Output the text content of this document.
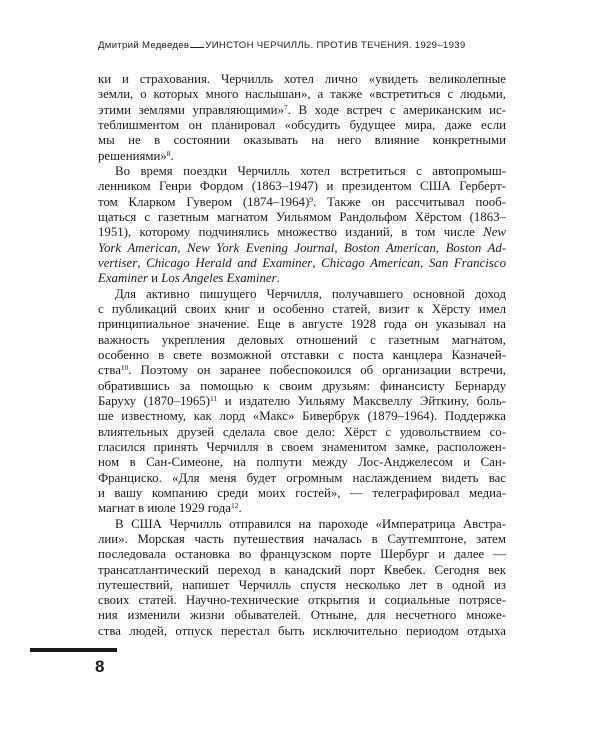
Дмитрий Медведев УИНСТОН ЧЕРЧИЛЛЬ. ПРОТИВ ТЕЧЕНИЯ. 1929–1939

ки и страхования. Черчилль хотел лично «увидеть великолепные
земли, о которых много наслышан», а также «встретиться с людьми,
этими землями управляющими»$^7$. В ходе встреч с американским ис-
теблишментом он планировал «обсудить будущее мира, даже если
мы не в состоянии оказывать на него влияние конкретными
решениями»$^8$.

Во время поездки Черчилль хотел встретиться с автопромыш-
ленником Генри Фордом (1863–1947) и президентом США Герберт-
том Кларком Гувером (1874–1964)$^9$. Также он рассчитывал пооб-
щаться с газетным магнатом Уильямом Рандольфом Хёрстом (1863–
1951), которому подчинялись множество изданий, в том числе New
York American, New York Evening Journal, Boston American, Boston Ad-
vertiser, Chicago Herald and Examiner, Chicago American, San Francisco
Examiner и Los Angeles Examiner.

Для активно пишущего Черчилля, получавшего основной доход
с публикаций своих книг и особенно статей, визит к Хёрсту имел
принципиальное значение. Еще в августе 1928 года он указывал на
важность укрепления деловых отношений с газетным магнатом,
особенно в свете возможной отставки с поста канцлера Казначей-
ства$^{10}$. Поэтому он заранее побеспокоился об организации встречи,
обратившись за помощью к своим друзьям: финансисту Бернарду
Баруху (1870–1965)$^{11}$ и издателю Уильяму Максвеллу Эйткину, боль-
ше известному, как лорд «Макс» Бивербрук (1879–1964). Поддержка
влиятельных друзей сделала свое дело: Хёрст с удовольствием со-
гласился принять Черчилля в своем знаменитом замке, расположен-
ном в Сан-Симеоне, на полпути между Лос-Анджелесом и Сан-
Франциско. «Для меня будет огромным наслаждением видеть вас
и вашу компанию среди моих гостей», — телеграфировал медиа-
магнат в июле 1929 года$^{12}$.

В США Черчилль отправился на пароходе «Императрица Австра-
лии». Морская часть путешествия началась в Саутгемптоне, затем
последовала остановка во французском порте Шербург и далее —
трансатлантический переход в канадский порт Квебек. Сегодня век
путешествий, напишет Черчилль спустя несколько лет в одной из
своих статей. Научно-технические открытия и социальные потрясе-
ния изменили жизни обывателей. Отныне, для несчетного множе-
ства людей, отпуск перестал быть исключительно периодом отдыха

8
